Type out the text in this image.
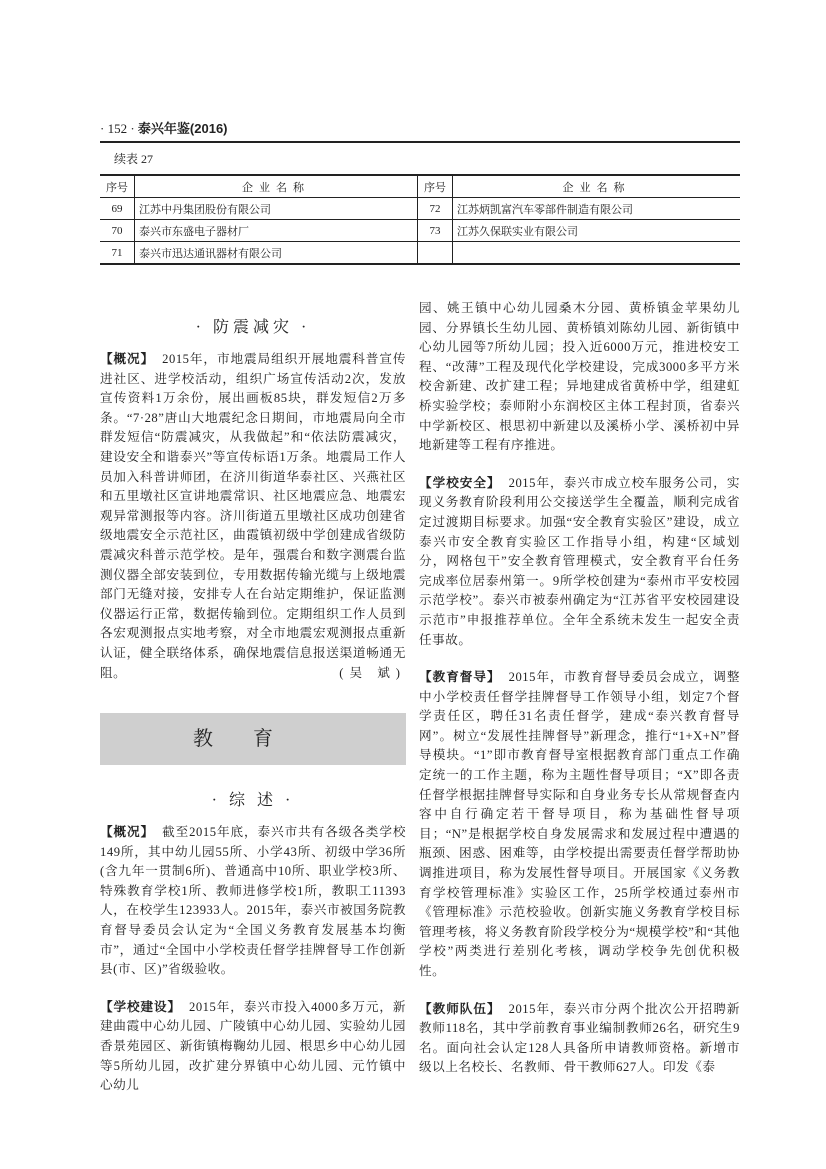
· 152 · 泰兴年鉴(2016)
续表 27
序号	企业名称	序号	企业名称
69	江苏中丹集团股份有限公司	72	江苏炳凯富汽车零部件制造有限公司
70	泰兴市东盛电子器材厂	73	江苏久保联实业有限公司
71	泰兴市迅达通讯器材有限公司		
· 防震减灾 ·

【概况】 2015年，市地震局组织开展地震科普宣传进社区、进学校活动，组织广场宣传活动2次，发放宣传资料1万余份，展出画板85块，群发短信2万多条。“7·28”唐山大地震纪念日期间，市地震局向全市群发短信“防震减灾，从我做起”和“依法防震减灾，建设安全和谐泰兴”等宣传标语1万条。地震局工作人员加入科普讲师团，在济川街道华泰社区、兴燕社区和五里墩社区宣讲地震常识、社区地震应急、地震宏观异常测报等内容。济川街道五里墩社区成功创建省级地震安全示范社区，曲霞镇初级中学创建成省级防震减灾科普示范学校。是年，强震台和数字测震台监测仪器全部安装到位，专用数据传输光缆与上级地震部门无缝对接，安排专人在台站定期维护，保证监测仪器运行正常，数据传输到位。定期组织工作人员到各宏观测报点实地考察，对全市地震宏观测报点重新认证，健全联络体系，确保地震信息报送渠道畅通无阻。	(吴 斌)

教育
· 综 述 ·

【概况】 截至2015年底，泰兴市共有各级各类学校149所，其中幼儿园55所、小学43所、初级中学36所(含九年一贯制6所)、普通高中10所、职业学校3所、特殊教育学校1所、教师进修学校1所，教职工11393人，在校学生123933人。2015年，泰兴市被国务院教育督导委员会认定为“全国义务教育发展基本均衡市”，通过“全国中小学校责任督学挂牌督导工作创新县(市、区)”省级验收。

【学校建设】 2015年，泰兴市投入4000多万元，新建曲霞中心幼儿园、广陵镇中心幼儿园、实验幼儿园香景苑园区、新街镇梅鞠幼儿园、根思乡中心幼儿园等5所幼儿园，改扩建分界镇中心幼儿园、元竹镇中心幼儿

园、姚王镇中心幼儿园桑木分园、黄桥镇金苹果幼儿园、分界镇长生幼儿园、黄桥镇刘陈幼儿园、新街镇中心幼儿园等7所幼儿园；投入近6000万元，推进校安工程、“改薄”工程及现代化学校建设，完成3000多平方米校舍新建、改扩建工程；异地建成省黄桥中学，组建虹桥实验学校；泰师附小东润校区主体工程封顶，省泰兴中学新校区、根思初中新建以及溪桥小学、溪桥初中异地新建等工程有序推进。

【学校安全】 2015年，泰兴市成立校车服务公司，实现义务教育阶段利用公交接送学生全覆盖，顺利完成省定过渡期目标要求。加强“安全教育实验区”建设，成立泰兴市安全教育实验区工作指导小组，构建“区域划分，网格包干”安全教育管理模式，安全教育平台任务完成率位居泰州第一。9所学校创建为“泰州市平安校园示范学校”。泰兴市被泰州确定为“江苏省平安校园建设示范市”申报推荐单位。全年全系统未发生一起安全责任事故。

【教育督导】 2015年，市教育督导委员会成立，调整中小学校责任督学挂牌督导工作领导小组，划定7个督学责任区，聘任31名责任督学，建成“泰兴教育督导网”。树立“发展性挂牌督导”新理念，推行“1+X+N”督导模块。“1”即市教育督导室根据教育部门重点工作确定统一的工作主题，称为主题性督导项目；“X”即各责任督学根据挂牌督导实际和自身业务专长从常规督查内容中自行确定若干督导项目，称为基础性督导项目；“N”是根据学校自身发展需求和发展过程中遭遇的瓶颈、困惑、困难等，由学校提出需要责任督学帮助协调推进项目，称为发展性督导项目。开展国家《义务教育学校管理标准》实验区工作，25所学校通过泰州市《管理标准》示范校验收。创新实施义务教育学校目标管理考核，将义务教育阶段学校分为“规模学校”和“其他学校”两类进行差别化考核，调动学校争先创优积极性。

【教师队伍】 2015年，泰兴市分两个批次公开招聘新教师118名，其中学前教育事业编制教师26名，研究生9名。面向社会认定128人具备所申请教师资格。新增市级以上名校长、名教师、骨干教师627人。印发《泰
